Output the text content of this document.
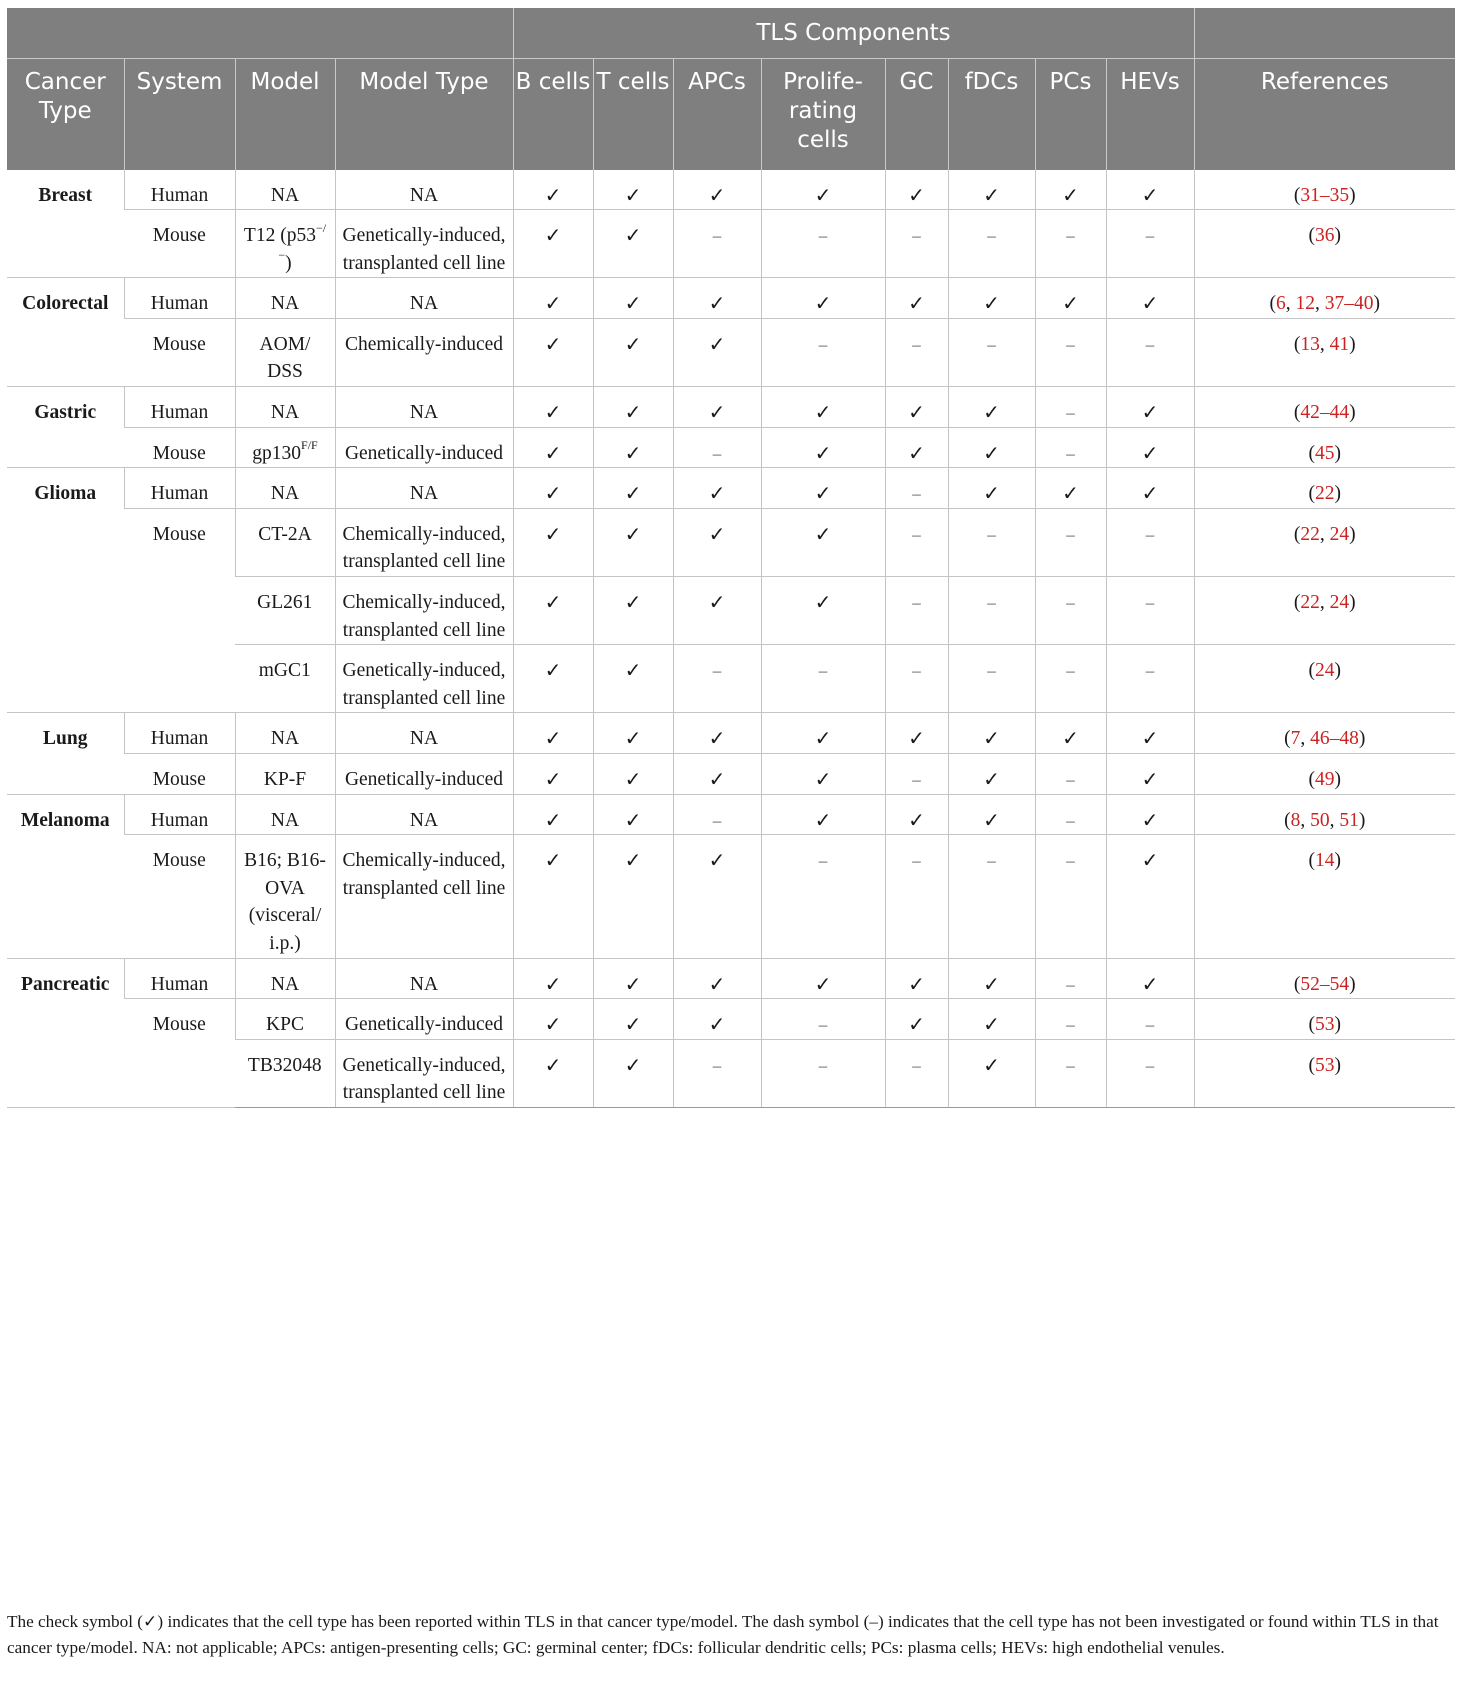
				TLS Components								
Cancer Type	System	Model	Model Type	B cells	T cells	APCs	Prolife-rating cells	GC	fDCs	PCs	HEVs	References
Breast	Human	NA	NA	✓	✓	✓	✓	✓	✓	✓	✓	(31–35)
	Mouse	T12 (p53−/−)	Genetically-induced, transplanted cell line	✓	✓	–	–	–	–	–	–	(36)
Colorectal	Human	NA	NA	✓	✓	✓	✓	✓	✓	✓	✓	(6, 12, 37–40)
	Mouse	AOM/ DSS	Chemically-induced	✓	✓	✓	–	–	–	–	–	(13, 41)
Gastric	Human	NA	NA	✓	✓	✓	✓	✓	✓	–	✓	(42–44)
	Mouse	$gp130^{F/F}$	Genetically-induced	✓	✓	–	✓	✓	✓	–	✓	(45)
Glioma	Human	NA	NA	✓	✓	✓	✓	–	✓	✓	✓	(22)
	Mouse	CT-2A	Chemically-induced, transplanted cell line	✓	✓	✓	✓	–	–	–	–	(22, 24)
		GL261	Chemically-induced, transplanted cell line	✓	✓	✓	✓	–	–	–	–	(22, 24)
		mGC1	Genetically-induced, transplanted cell line	✓	✓	–	–	–	–	–	–	(24)
Lung	Human	NA	NA	✓	✓	✓	✓	✓	✓	✓	✓	(7, 46–48)
	Mouse	KP-F	Genetically-induced	✓	✓	✓	✓	–	✓	–	✓	(49)
Melanoma	Human	NA	NA	✓	✓	–	✓	✓	✓	–	✓	(8, 50, 51)
	Mouse	B16; B16-OVA (visceral/ i.p.)	Chemically-induced, transplanted cell line	✓	✓	✓	–	–	–	–	✓	(14)
Pancreatic	Human	NA	NA	✓	✓	✓	✓	✓	✓	–	✓	(52–54)
	Mouse	KPC	Genetically-induced	✓	✓	✓	–	✓	✓	–	–	(53)
		TB32048	Genetically-induced, transplanted cell line	✓	✓	–	–	–	✓	–	–	(53)
The check symbol (✓) indicates that the cell type has been reported within TLS in that cancer type/model. The dash symbol (–) indicates that the cell type has not been investigated or found within TLS in that cancer type/model. NA: not applicable; APCs: antigen-presenting cells; GC: germinal center; fDCs: follicular dendritic cells; PCs: plasma cells; HEVs: high endothelial venules.
